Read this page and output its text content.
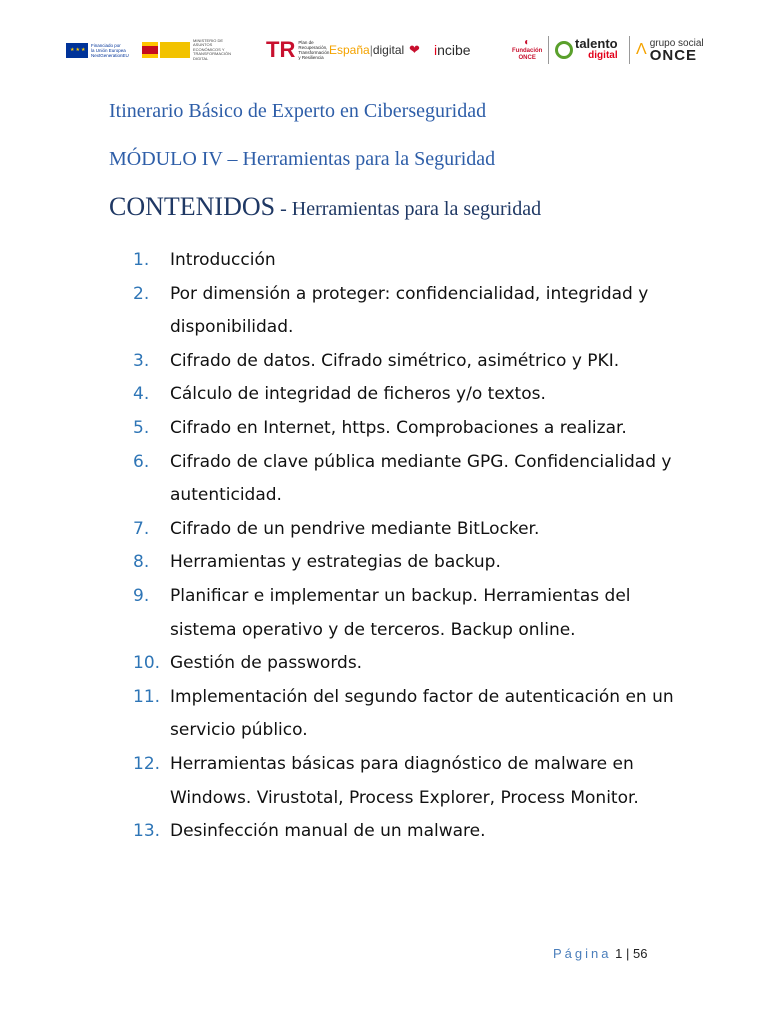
★★★
Financiado por
la Unión Europea
NextGenerationEU
MINISTERIO DE ASUNTOS ECONÓMICOS Y TRANSFORMACIÓN DIGITAL	TR Plan de
Recuperación,
Transformación
y Resiliencia
España | digital ❤ i ncibe	◐
Fundación
ONCE
talento
digital Λ grupo social
ONCE
Itinerario Básico de Experto en Ciberseguridad
MÓDULO IV – Herramientas para la Seguridad
CONTENIDOS - Herramientas para la seguridad
1. Introducción
2. Por dimensión a proteger: confidencialidad, integridad y disponibilidad.
3. Cifrado de datos. Cifrado simétrico, asimétrico y PKI.
4. Cálculo de integridad de ficheros y/o textos.
5. Cifrado en Internet, https. Comprobaciones a realizar.
6. Cifrado de clave pública mediante GPG. Confidencialidad y autenticidad.
7. Cifrado de un pendrive mediante BitLocker.
8. Herramientas y estrategias de backup.
9. Planificar e implementar un backup. Herramientas del sistema operativo y de terceros. Backup online.
10. Gestión de passwords.
11. Implementación del segundo factor de autenticación en un servicio público.
12. Herramientas básicas para diagnóstico de malware en Windows. Virustotal, Process Explorer, Process Monitor.
13. Desinfección manual de un malware.
Página 1 | 56
